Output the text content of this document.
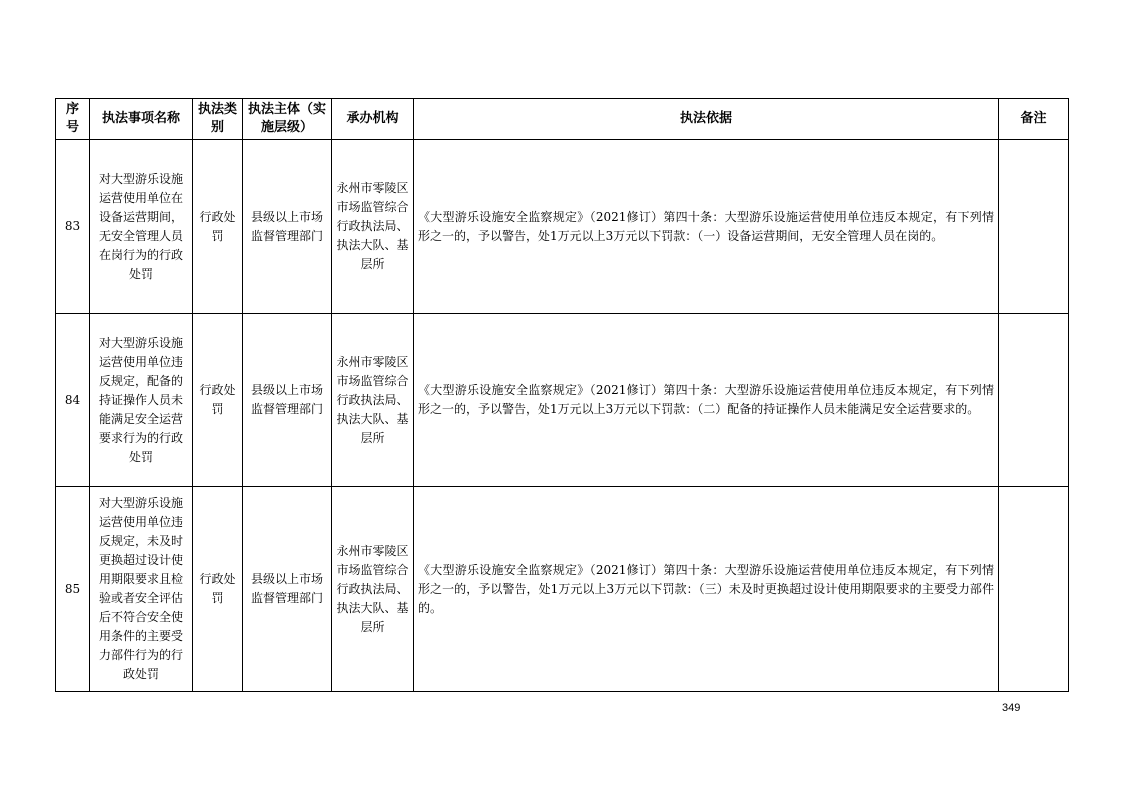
序号	执法事项名称	执法类别	执法主体（实施层级）	承办机构	执法依据	备注
83	对大型游乐设施运营使用单位在设备运营期间，无安全管理人员在岗行为的行政处罚	行政处罚	县级以上市场监督管理部门	永州市零陵区市场监管综合行政执法局、执法大队、基层所	《大型游乐设施安全监察规定》（2021修订）第四十条：大型游乐设施运营使用单位违反本规定，有下列情形之一的，予以警告，处1万元以上3万元以下罚款：（一）设备运营期间，无安全管理人员在岗的。	
84	对大型游乐设施运营使用单位违反规定，配备的持证操作人员未能满足安全运营要求行为的行政处罚	行政处罚	县级以上市场监督管理部门	永州市零陵区市场监管综合行政执法局、执法大队、基层所	《大型游乐设施安全监察规定》（2021修订）第四十条：大型游乐设施运营使用单位违反本规定，有下列情形之一的，予以警告，处1万元以上3万元以下罚款：（二）配备的持证操作人员未能满足安全运营要求的。	
85	对大型游乐设施运营使用单位违反规定，未及时更换超过设计使用期限要求且检验或者安全评估后不符合安全使用条件的主要受力部件行为的行政处罚	行政处罚	县级以上市场监督管理部门	永州市零陵区市场监管综合行政执法局、执法大队、基层所	《大型游乐设施安全监察规定》（2021修订）第四十条：大型游乐设施运营使用单位违反本规定，有下列情形之一的，予以警告，处1万元以上3万元以下罚款：（三）未及时更换超过设计使用期限要求的主要受力部件的。	
349
